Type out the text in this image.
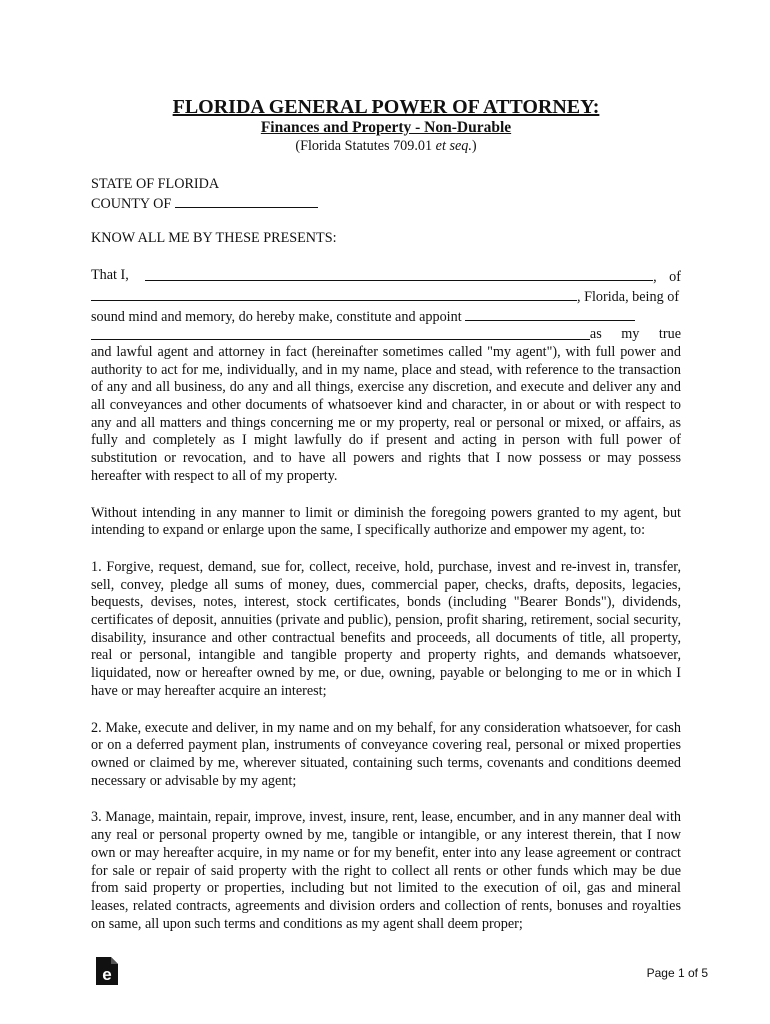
FLORIDA GENERAL POWER OF ATTORNEY:

Finances and Property - Non-Durable

(Florida Statutes 709.01 et seq.)

STATE OF FLORIDA
COUNTY OF
KNOW ALL ME BY THESE PRESENTS:
That I,	, of
, Florida, being of
sound mind and memory, do hereby make, constitute and appoint
as my true

and lawful agent and attorney in fact (hereinafter sometimes called "my agent"), with full power and authority to act for me, individually, and in my name, place and stead, with reference to the transaction of any and all business, do any and all things, exercise any discretion, and execute and deliver any and all conveyances and other documents of whatsoever kind and character, in or about or with respect to any and all matters and things concerning me or my property, real or personal or mixed, or affairs, as fully and completely as I might lawfully do if present and acting in person with full power of substitution or revocation, and to have all powers and rights that I now possess or may possess hereafter with respect to all of my property.

Without intending in any manner to limit or diminish the foregoing powers granted to my agent, but intending to expand or enlarge upon the same, I specifically authorize and empower my agent, to:

1. Forgive, request, demand, sue for, collect, receive, hold, purchase, invest and re-invest in, transfer, sell, convey, pledge all sums of money, dues, commercial paper, checks, drafts, deposits, legacies, bequests, devises, notes, interest, stock certificates, bonds (including "Bearer Bonds"), dividends, certificates of deposit, annuities (private and public), pension, profit sharing, retirement, social security, disability, insurance and other contractual benefits and proceeds, all documents of title, all property, real or personal, intangible and tangible property and property rights, and demands whatsoever, liquidated, now or hereafter owned by me, or due, owning, payable or belonging to me or in which I have or may hereafter acquire an interest;

2. Make, execute and deliver, in my name and on my behalf, for any consideration whatsoever, for cash or on a deferred payment plan, instruments of conveyance covering real, personal or mixed properties owned or claimed by me, wherever situated, containing such terms, covenants and conditions deemed necessary or advisable by my agent;

3. Manage, maintain, repair, improve, invest, insure, rent, lease, encumber, and in any manner deal with any real or personal property owned by me, tangible or intangible, or any interest therein, that I now own or may hereafter acquire, in my name or for my benefit, enter into any lease agreement or contract for sale or repair of said property with the right to collect all rents or other funds which may be due from said property or properties, including but not limited to the execution of oil, gas and mineral leases, related contracts, agreements and division orders and collection of rents, bonuses and royalties on same, all upon such terms and conditions as my agent shall deem proper;

e	Page 1 of 5
